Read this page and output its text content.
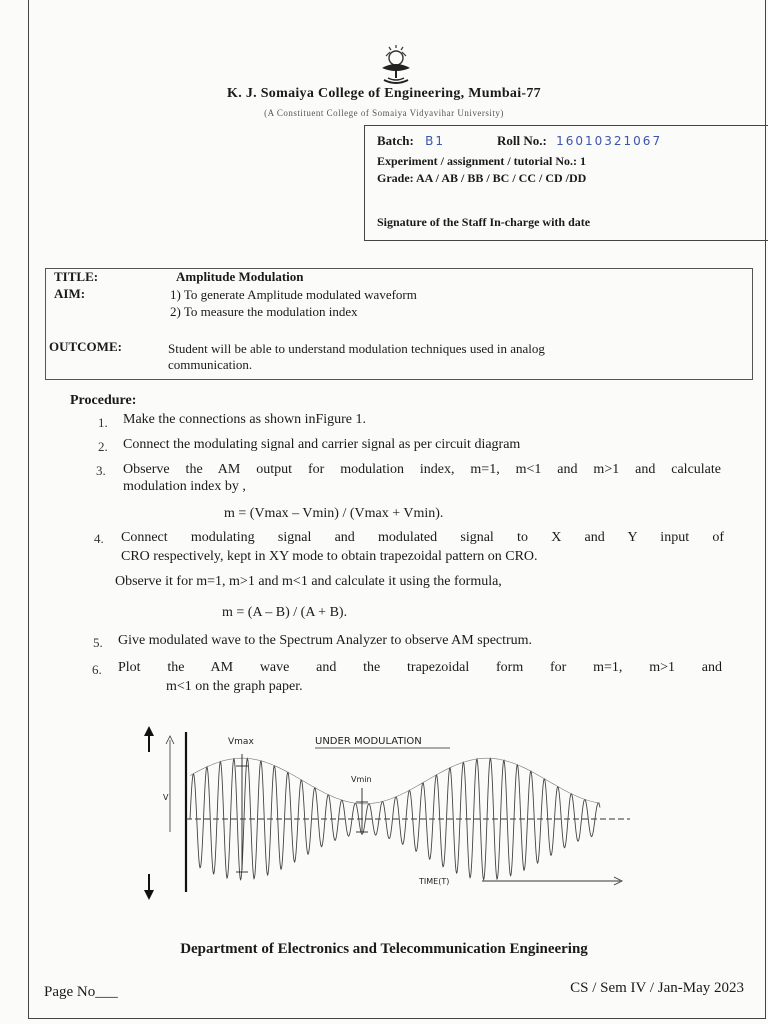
K. J. Somaiya College of Engineering, Mumbai-77
(A Constituent College of Somaiya Vidyavihar University)
Batch: B1	Roll No.: 16010321067
Experiment / assignment / tutorial No.: 1
Grade: AA / AB / BB / BC / CC / CD /DD
Signature of the Staff In-charge with date
TITLE:	Amplitude Modulation
AIM:	1) To generate Amplitude modulated waveform
2) To measure the modulation index
OUTCOME:	Student will be able to understand modulation techniques used in analog
communication.
Procedure:
1. Make the connections as shown inFigure 1.
2. Connect the modulating signal and carrier signal as per circuit diagram
3. Observe the AM output for modulation index, m=1, m<1 and m>1 and calculate
modulation index by ,
m = (Vmax – Vmin) / (Vmax + Vmin).
4. Connect modulating signal and modulated signal to X and Y input of
CRO respectively, kept in XY mode to obtain trapezoidal pattern on CRO.
Observe it for m=1, m>1 and m<1 and calculate it using the formula,
m = (A – B) / (A + B).
5. Give modulated wave to the Spectrum Analyzer to observe AM spectrum.
6. Plot the AM wave and the trapezoidal form for m=1, m>1 and
m<1 on the graph paper.
Vmax	UNDER MODULATION
Vmin
V
TIME(T)
Department of Electronics and Telecommunication Engineering
Page No___	CS / Sem IV / Jan-May 2023
